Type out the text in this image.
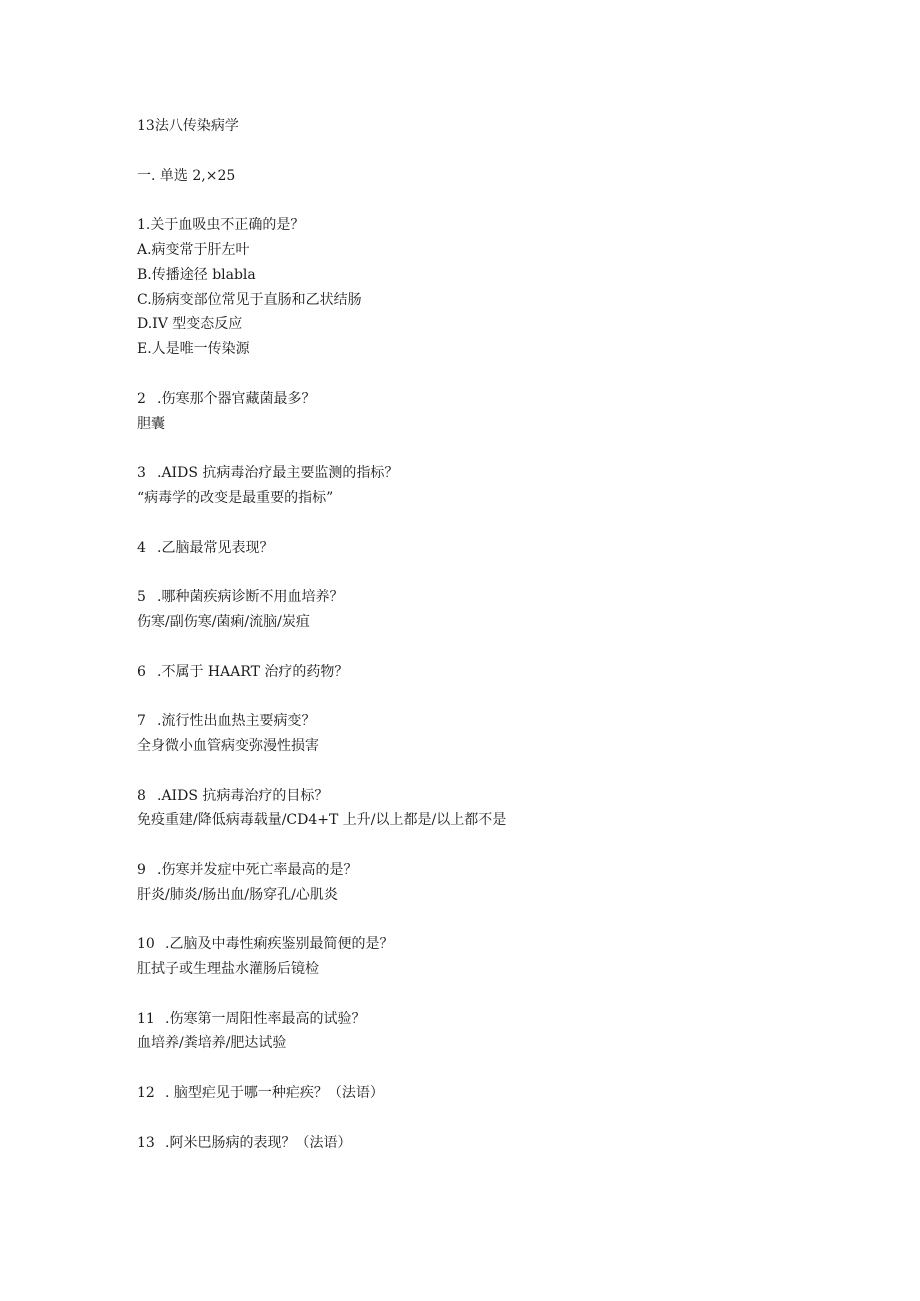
13法八传染病学
一. 单选 2,×25
1.关于血吸虫不正确的是？
A.病变常于肝左叶
B.传播途径 blabla
C.肠病变部位常见于直肠和乙状结肠
D.IV 型变态反应
E.人是唯一传染源
2 .伤寒那个器官藏菌最多？
胆囊
3 .AIDS 抗病毒治疗最主要监测的指标？
“病毒学的改变是最重要的指标”
4 .乙脑最常见表现？
5 .哪种菌疾病诊断不用血培养？
伤寒/副伤寒/菌痢/流脑/炭疽
6 .不属于 HAART 治疗的药物？
7 .流行性出血热主要病变？
全身微小血管病变弥漫性损害
8 .AIDS 抗病毒治疗的目标？
免疫重建/降低病毒载量/CD4+T 上升/以上都是/以上都不是
9 .伤寒并发症中死亡率最高的是？
肝炎/肺炎/肠出血/肠穿孔/心肌炎
10 .乙脑及中毒性痢疾鉴别最简便的是？
肛拭子或生理盐水灌肠后镜检
11 .伤寒第一周阳性率最高的试验？
血培养/粪培养/肥达试验
12 . 脑型疟见于哪一种疟疾？（法语）
13 .阿米巴肠病的表现？（法语）
